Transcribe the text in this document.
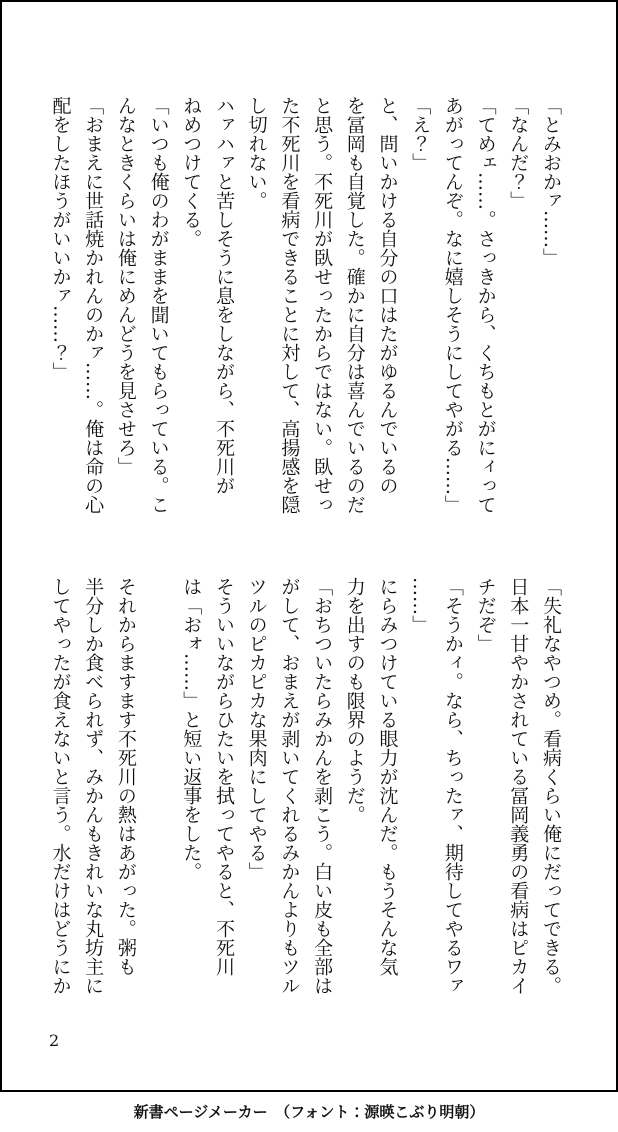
「とみおかァ……」
「なんだ？」
「てめェ……。さっきから、くちもとがにィって
あがってんぞ。なに嬉しそうにしてやがる……」
「え？」
と、問いかける自分の口はたがゆるんでいるの
を冨岡も自覚した。確かに自分は喜んでいるのだ
と思う。不死川が臥せったからではない。臥せっ
た不死川を看病できることに対して、高揚感を隠
し切れない。
ハァハァと苦しそうに息をしながら、不死川が
ねめつけてくる。
「いつも俺のわがままを聞いてもらっている。こ
んなときくらいは俺にめんどうを見させろ」
「おまえに世話焼かれんのかァ……。俺は命の心
配をしたほうがいいかァ……？」
「失礼なやつめ。看病くらい俺にだってできる。
日本一甘やかされている冨岡義勇の看病はピカイ
チだぞ」
「そうかィ。なら、ちったァ、期待してやるワァ
……」
にらみつけている眼力が沈んだ。もうそんな気
力を出すのも限界のようだ。
「おちついたらみかんを剥こう。白い皮も全部は
がして、おまえが剥いてくれるみかんよりもツル
ツルのピカピカな果肉にしてやる」
そういいながらひたいを拭ってやると、不死川
は「おォ……」と短い返事をした。
それからますます不死川の熱はあがった。粥も
半分しか食べられず、みかんもきれいな丸坊主に
してやったが食えないと言う。水だけはどうにか
2
新書ページメーカー　（フォント：源暎こぶり明朝）
